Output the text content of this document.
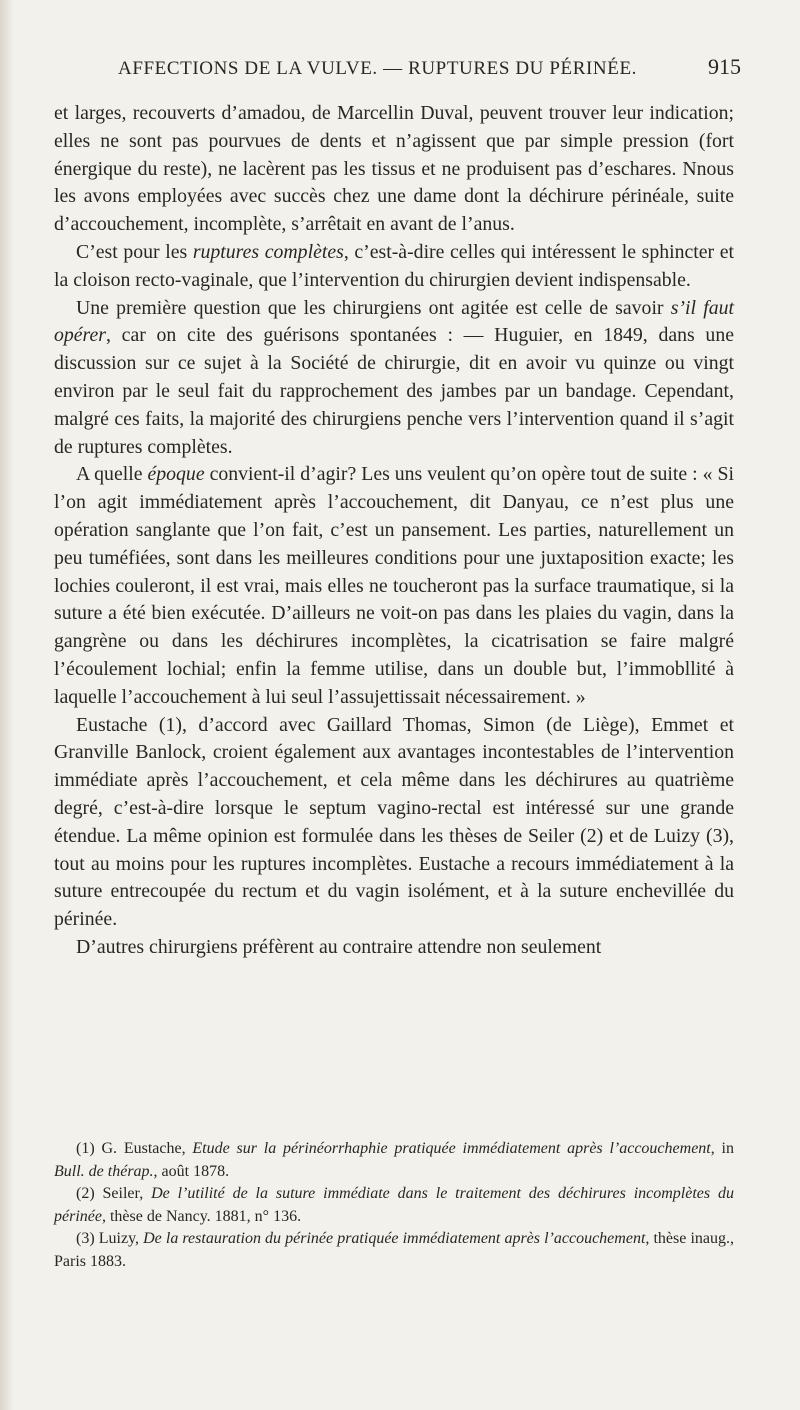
AFFECTIONS DE LA VULVE. — RUPTURES DU PÉRINÉE.	915

et larges, recouverts d’amadou, de Marcellin Duval, peuvent trouver leur indication; elles ne sont pas pourvues de dents et n’agissent que par simple pression (fort énergique du reste), ne lacèrent pas les tissus et ne produisent pas d’eschares. Nnous les avons employées avec succès chez une dame dont la déchirure périnéale, suite d’accouchement, incomplète, s’arrêtait en avant de l’anus.

C’est pour les ruptures complètes, c’est-à-dire celles qui intéressent le sphincter et la cloison recto-vaginale, que l’intervention du chirurgien devient indispensable.

Une première question que les chirurgiens ont agitée est celle de savoir s’il faut opérer, car on cite des guérisons spontanées : — Huguier, en 1849, dans une discussion sur ce sujet à la Société de chirurgie, dit en avoir vu quinze ou vingt environ par le seul fait du rapprochement des jambes par un bandage. Cependant, malgré ces faits, la majorité des chirurgiens penche vers l’intervention quand il s’agit de ruptures complètes.

A quelle époque convient-il d’agir? Les uns veulent qu’on opère tout de suite : « Si l’on agit immédiatement après l’accouchement, dit Danyau, ce n’est plus une opération sanglante que l’on fait, c’est un pansement. Les parties, naturellement un peu tuméfiées, sont dans les meilleures conditions pour une juxtaposition exacte; les lochies couleront, il est vrai, mais elles ne toucheront pas la surface traumatique, si la suture a été bien exécutée. D’ailleurs ne voit-on pas dans les plaies du vagin, dans la gangrène ou dans les déchirures incomplètes, la cicatrisation se faire malgré l’écoulement lochial; enfin la femme utilise, dans un double but, l’immobllité à laquelle l’accouchement à lui seul l’assujettissait nécessairement. »

Eustache (1), d’accord avec Gaillard Thomas, Simon (de Liège), Emmet et Granville Banlock, croient également aux avantages incontestables de l’intervention immédiate après l’accouchement, et cela même dans les déchirures au quatrième degré, c’est-à-dire lorsque le septum vagino-rectal est intéressé sur une grande étendue. La même opinion est formulée dans les thèses de Seiler (2) et de Luizy (3), tout au moins pour les ruptures incomplètes. Eustache a recours immédiatement à la suture entrecoupée du rectum et du vagin isolément, et à la suture enchevillée du périnée.

D’autres chirurgiens préfèrent au contraire attendre non seulement

(1) G. Eustache, Etude sur la périnéorrhaphie pratiquée immédiatement après l’accouchement, in Bull. de thérap., août 1878.

(2) Seiler, De l’utilité de la suture immédiate dans le traitement des déchirures incomplètes du périnée, thèse de Nancy. 1881, n° 136.

(3) Luizy, De la restauration du périnée pratiquée immédiatement après l’accouchement, thèse inaug., Paris 1883.
